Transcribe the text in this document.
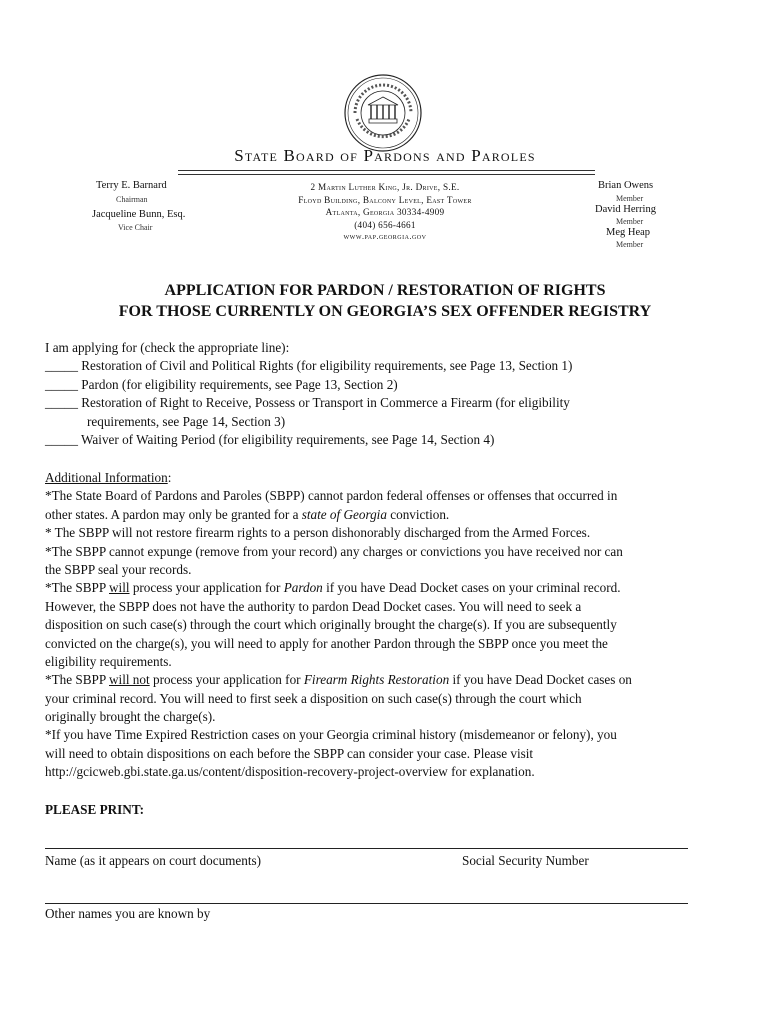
State Board of Pardons and Paroles
Terry E. Barnard
Chairman
Jacqueline Bunn, Esq.
Vice Chair
2 Martin Luther King, Jr. Drive, S.E.
Floyd Building, Balcony Level, East Tower
Atlanta, Georgia 30334-4909
(404) 656-4661
www.pap.georgia.gov
Brian Owens
Member
David Herring
Member
Meg Heap
Member
APPLICATION FOR PARDON / RESTORATION OF RIGHTS
FOR THOSE CURRENTLY ON GEORGIA’S SEX OFFENDER REGISTRY
I am applying for (check the appropriate line):
_____ Restoration of Civil and Political Rights (for eligibility requirements, see Page 13, Section 1)
_____ Pardon (for eligibility requirements, see Page 13, Section 2)
_____ Restoration of Right to Receive, Possess or Transport in Commerce a Firearm (for eligibility
requirements, see Page 14, Section 3)
_____ Waiver of Waiting Period (for eligibility requirements, see Page 14, Section 4)
Additional Information:
*The State Board of Pardons and Paroles (SBPP) cannot pardon federal offenses or offenses that occurred in
other states. A pardon may only be granted for a state of Georgia conviction.
* The SBPP will not restore firearm rights to a person dishonorably discharged from the Armed Forces.
*The SBPP cannot expunge (remove from your record) any charges or convictions you have received nor can
the SBPP seal your records.
*The SBPP will process your application for Pardon if you have Dead Docket cases on your criminal record.
However, the SBPP does not have the authority to pardon Dead Docket cases. You will need to seek a
disposition on such case(s) through the court which originally brought the charge(s). If you are subsequently
convicted on the charge(s), you will need to apply for another Pardon through the SBPP once you meet the
eligibility requirements.
*The SBPP will not process your application for Firearm Rights Restoration if you have Dead Docket cases on
your criminal record. You will need to first seek a disposition on such case(s) through the court which
originally brought the charge(s).
*If you have Time Expired Restriction cases on your Georgia criminal history (misdemeanor or felony), you
will need to obtain dispositions on each before the SBPP can consider your case. Please visit
http://gcicweb.gbi.state.ga.us/content/disposition-recovery-project-overview for explanation.
PLEASE PRINT:
Name (as it appears on court documents)	Social Security Number
Other names you are known by
